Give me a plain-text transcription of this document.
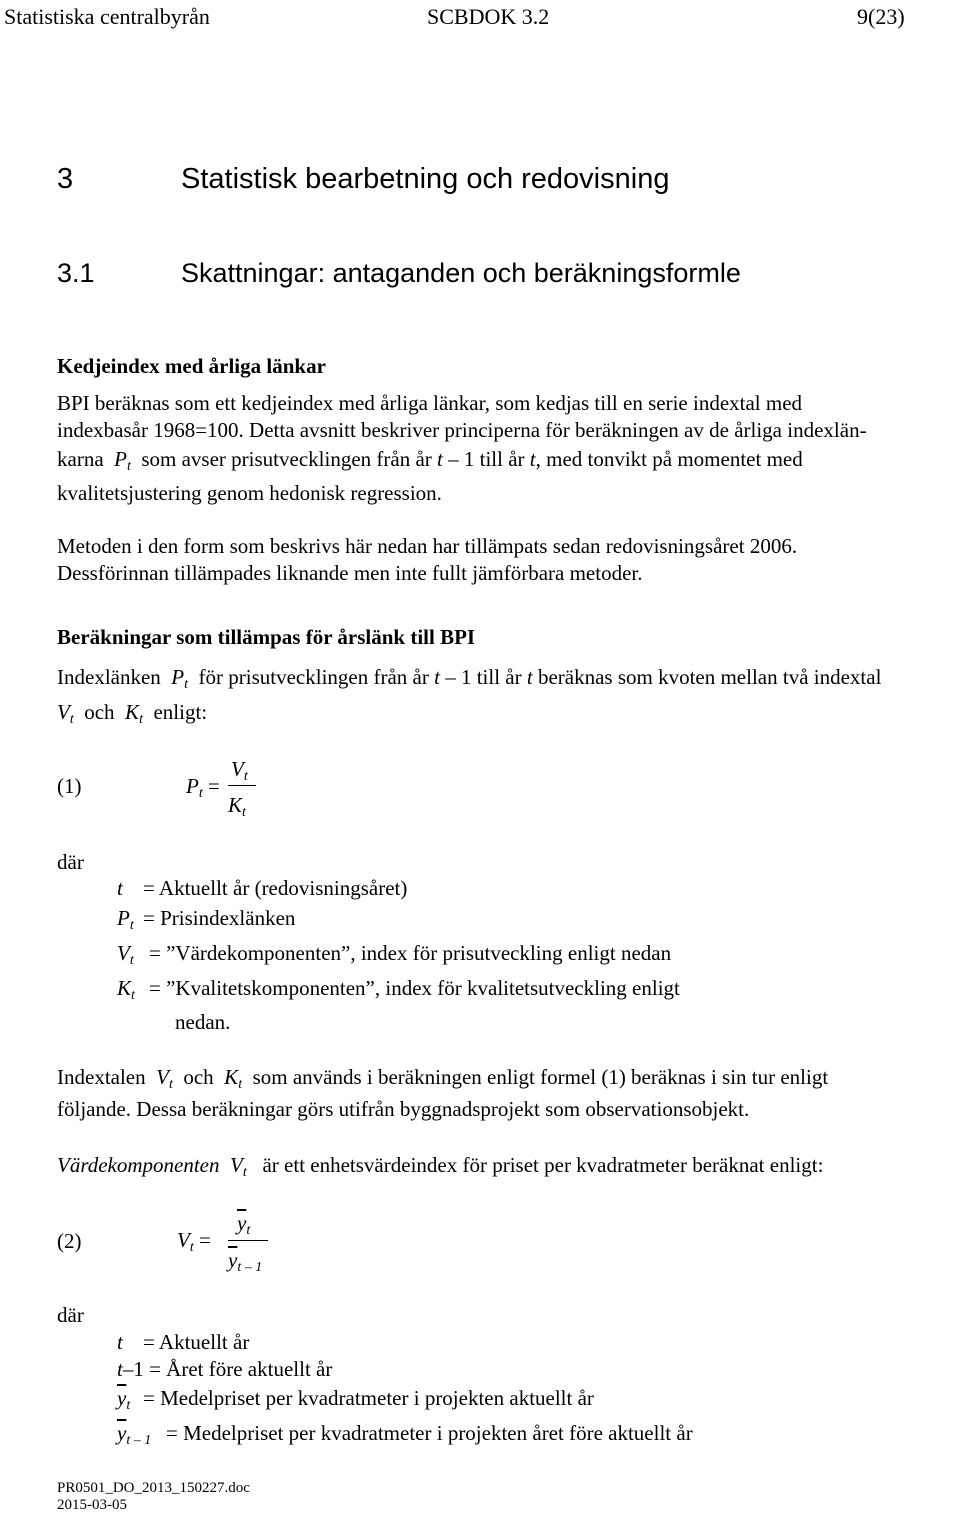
Statistiska centralbyrån	SCBDOK 3.2	9(23)
3	Statistisk bearbetning och redovisning
3.1	Skattningar: antaganden och beräkningsformle
Kedjeindex med årliga länkar
BPI beräknas som ett kedjeindex med årliga länkar, som kedjas till en serie indextal med
indexbasår 1968=100. Detta avsnitt beskriver principerna för beräkningen av de årliga indexlän-
karna $P_t$ som avser prisutvecklingen från år t – 1 till år t, med tonvikt på momentet med
kvalitetsjustering genom hedonisk regression.
Metoden i den form som beskrivs här nedan har tillämpats sedan redovisningsåret 2006.
Dessförinnan tillämpades liknande men inte fullt jämförbara metoder.
Beräkningar som tillämpas för årslänk till BPI
Indexlänken $P_t$ för prisutvecklingen från år t – 1 till år t beräknas som kvoten mellan två indextal
$V_t$ och $K_t$ enligt:
(1)	$P_t$ =
$V_t$
$K_t$
där
t = Aktuellt år (redovisningsåret)
$P_t$ = Prisindexlänken
$V_t$ = ”Värdekomponenten”, index för prisutveckling enligt nedan
$K_t$ = ”Kvalitetskomponenten”, index för kvalitetsutveckling enligt
nedan.
Indextalen $V_t$ och $K_t$ som används i beräkningen enligt formel (1) beräknas i sin tur enligt
följande. Dessa beräkningar görs utifrån byggnadsprojekt som observationsobjekt.
Värdekomponenten $V_t$ är ett enhetsvärdeindex för priset per kvadratmeter beräknat enligt:
(2)	$V_t$ =
$\overline{y}_t$
$\overline{y}_{t - 1}$
där
t = Aktuellt år
t–1 = Året före aktuellt år
$\overline{y}_t$ = Medelpriset per kvadratmeter i projekten aktuellt år
$\overline{y}_{t - 1}$ = Medelpriset per kvadratmeter i projekten året före aktuellt år
PR0501_DO_2013_150227.doc
2015-03-05
